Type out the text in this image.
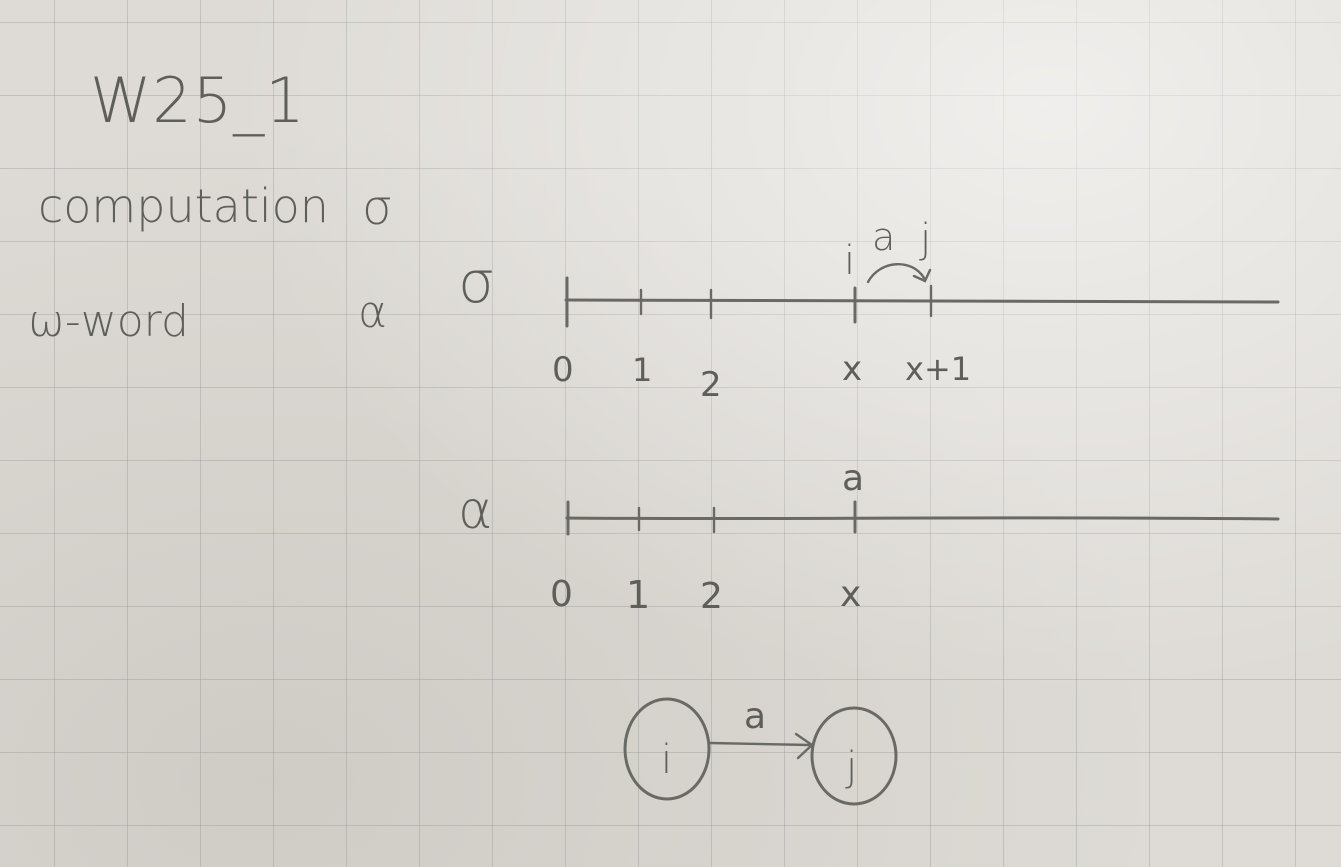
W25_1
computation σ
ω-word	α σ
0 1 2	x x+1
i
a j
α
a
0 1 2	x
i	j
a
